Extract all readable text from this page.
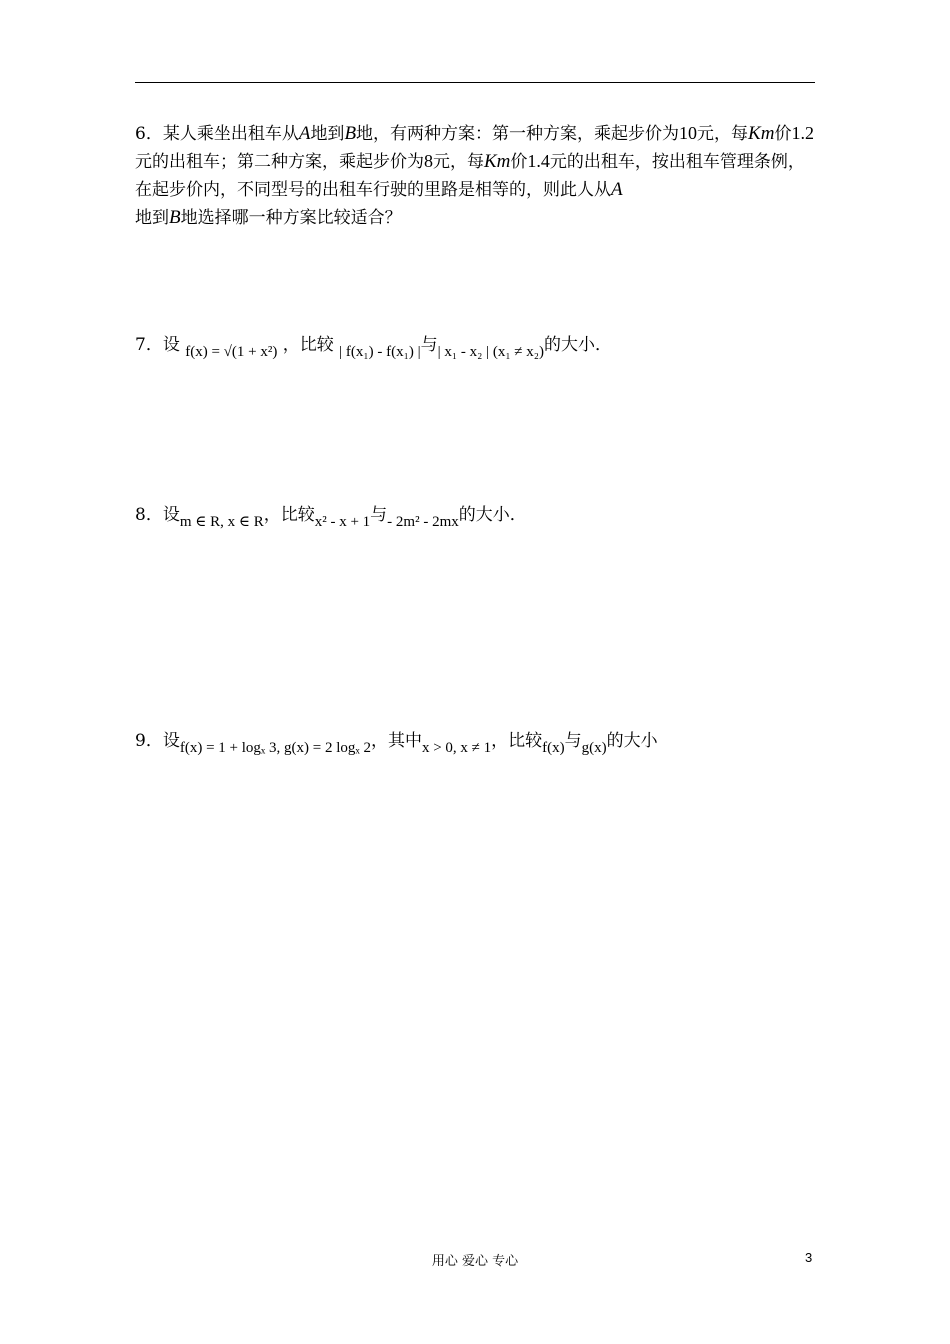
6．某人乘坐出租车从A地到B地，有两种方案：第一种方案，乘起步价为10元，每Km价1.2元的出租车；第二种方案，乘起步价为8元，每Km价1.4元的出租车，按出租车管理条例，在起步价内，不同型号的出租车行驶的里路是相等的，则此人从A
地到B地选择哪一种方案比较适合？
7．设 f(x) = √(1 + x²) ，比较 | f(x₁) - f(x₁) |与| x₁ - x₂ | (x₁ ≠ x₂)的大小．
8．设m ∈ R, x ∈ R，比较x² - x + 1与- 2m² - 2mx的大小．
9．设f(x) = 1 + logₓ 3, g(x) = 2 logₓ 2，其中x > 0, x ≠ 1，比较f(x)与g(x)的大小
用心 爱心 专心	3
